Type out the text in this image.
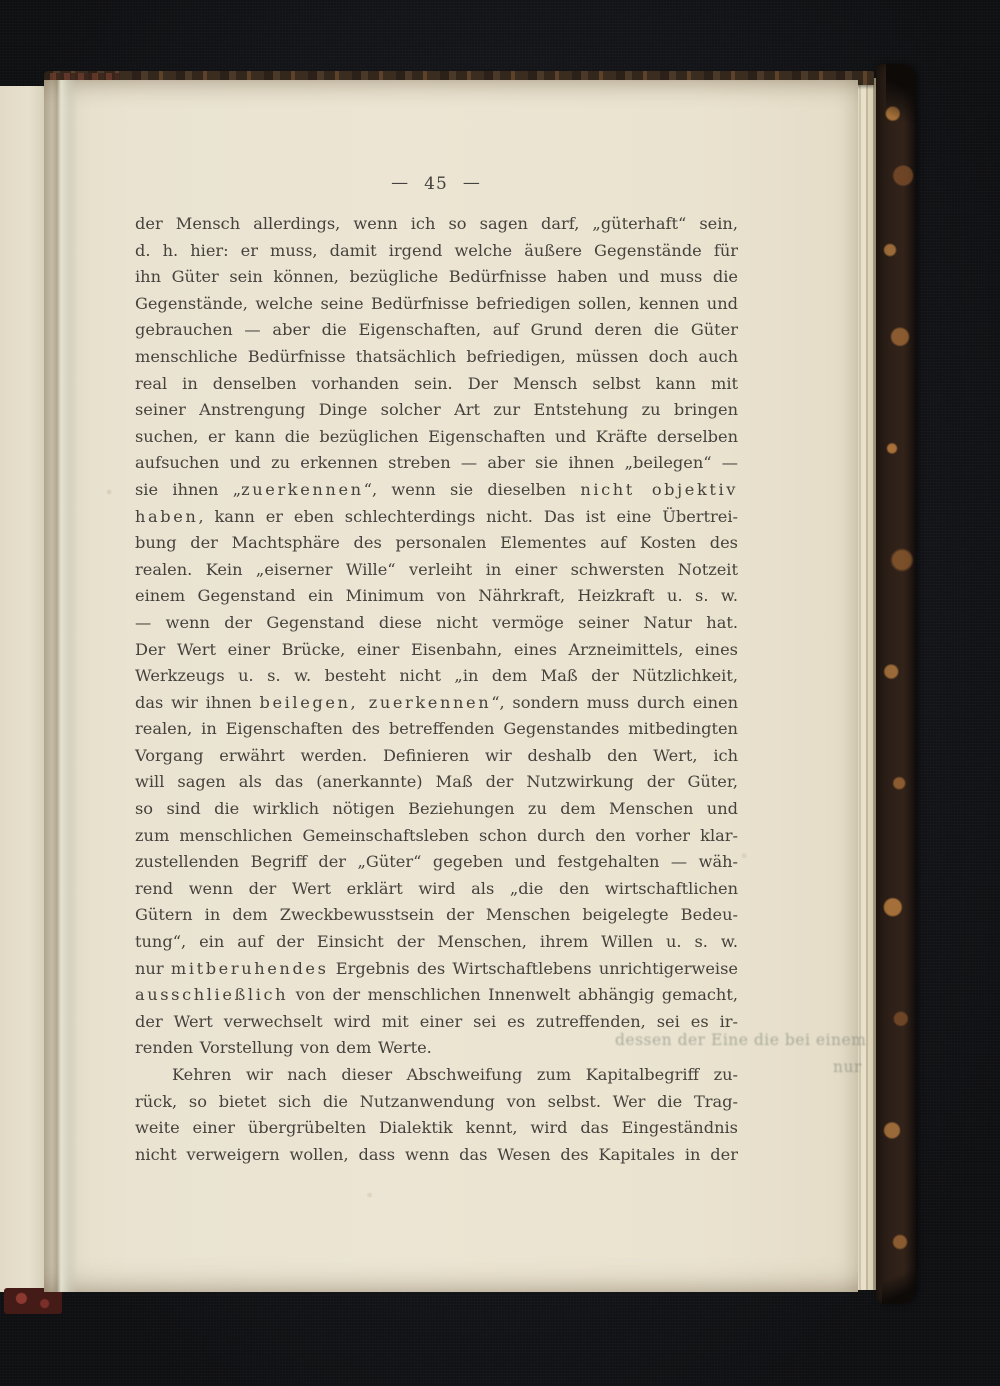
— 45 —
der Mensch allerdings, wenn ich so sagen darf, „güterhaft“ sein,
d. h. hier: er muss, damit irgend welche äußere Gegenstände für
ihn Güter sein können, bezügliche Bedürfnisse haben und muss die
Gegenstände, welche seine Bedürfnisse befriedigen sollen, kennen und
gebrauchen — aber die Eigenschaften, auf Grund deren die Güter
menschliche Bedürfnisse thatsächlich befriedigen, müssen doch auch
real in denselben vorhanden sein. Der Mensch selbst kann mit
seiner Anstrengung Dinge solcher Art zur Entstehung zu bringen
suchen, er kann die bezüglichen Eigenschaften und Kräfte derselben
aufsuchen und zu erkennen streben — aber sie ihnen „beilegen“ —
sie ihnen „zuerkennen“, wenn sie dieselben nicht objektiv
haben, kann er eben schlechterdings nicht. Das ist eine Übertrei-
bung der Machtsphäre des personalen Elementes auf Kosten des
realen. Kein „eiserner Wille“ verleiht in einer schwersten Notzeit
einem Gegenstand ein Minimum von Nährkraft, Heizkraft u. s. w.
— wenn der Gegenstand diese nicht vermöge seiner Natur hat.
Der Wert einer Brücke, einer Eisenbahn, eines Arzneimittels, eines
Werkzeugs u. s. w. besteht nicht „in dem Maß der Nützlichkeit,
das wir ihnen beilegen, zuerkennen“, sondern muss durch einen
realen, in Eigenschaften des betreffenden Gegenstandes mitbedingten
Vorgang erwährt werden. Definieren wir deshalb den Wert, ich
will sagen als das (anerkannte) Maß der Nutzwirkung der Güter,
so sind die wirklich nötigen Beziehungen zu dem Menschen und
zum menschlichen Gemeinschaftsleben schon durch den vorher klar-
zustellenden Begriff der „Güter“ gegeben und festgehalten — wäh-
rend wenn der Wert erklärt wird als „die den wirtschaftlichen
Gütern in dem Zweckbewusstsein der Menschen beigelegte Bedeu-
tung“, ein auf der Einsicht der Menschen, ihrem Willen u. s. w.
nur mitberuhendes Ergebnis des Wirtschaftlebens unrichtigerweise
ausschließlich von der menschlichen Innenwelt abhängig gemacht,
der Wert verwechselt wird mit einer sei es zutreffenden, sei es ir-
renden Vorstellung von dem Werte.
Kehren wir nach dieser Abschweifung zum Kapitalbegriff zu-
rück, so bietet sich die Nutzanwendung von selbst. Wer die Trag-
weite einer übergrübelten Dialektik kennt, wird das Eingeständnis
nicht verweigern wollen, dass wenn das Wesen des Kapitales in der
dessen der Eine die bei einem
nur
